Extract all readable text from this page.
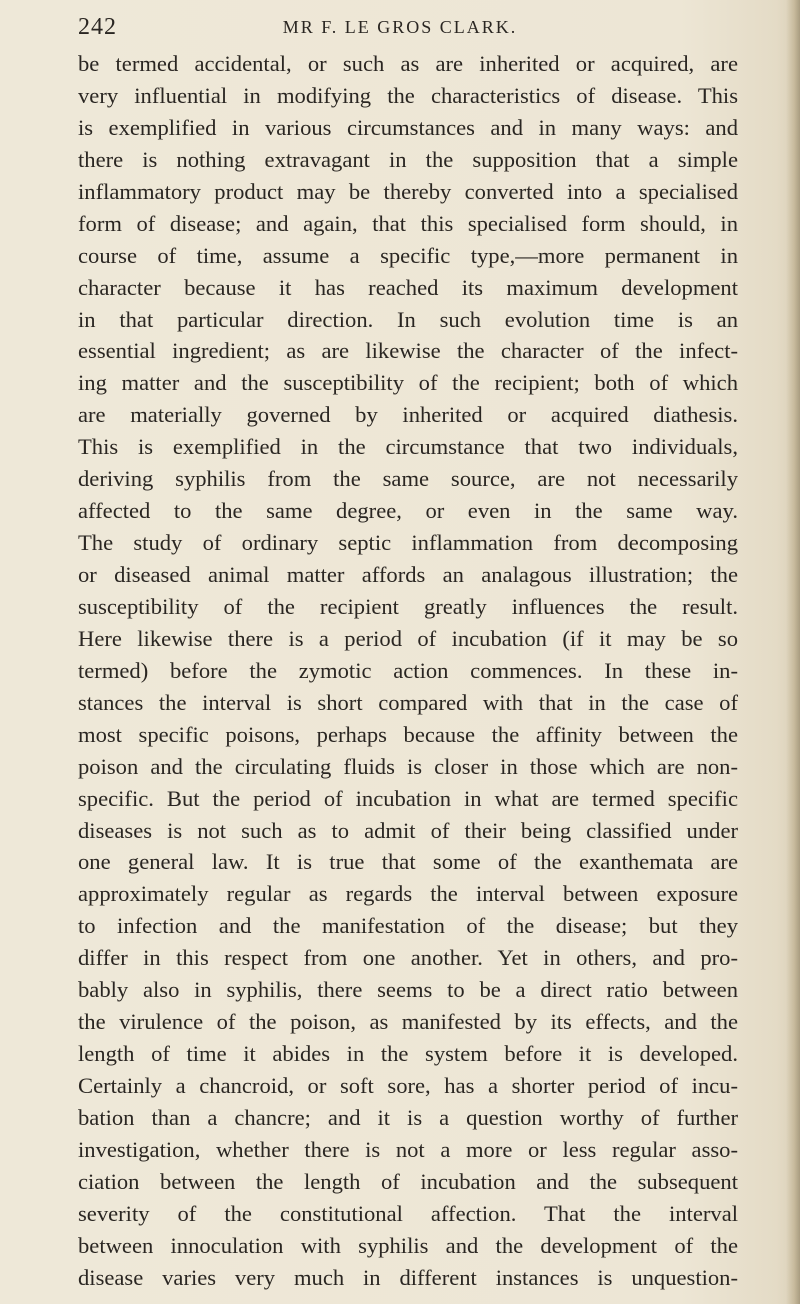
242	MR F. LE GROS CLARK.
be termed accidental, or such as are inherited or acquired, are
very influential in modifying the characteristics of disease. This
is exemplified in various circumstances and in many ways: and
there is nothing extravagant in the supposition that a simple
inflammatory product may be thereby converted into a specialised
form of disease; and again, that this specialised form should, in
course of time, assume a specific type,—more permanent in
character because it has reached its maximum development
in that particular direction. In such evolution time is an
essential ingredient; as are likewise the character of the infect-
ing matter and the susceptibility of the recipient; both of which
are materially governed by inherited or acquired diathesis.
This is exemplified in the circumstance that two individuals,
deriving syphilis from the same source, are not necessarily
affected to the same degree, or even in the same way.
The study of ordinary septic inflammation from decomposing
or diseased animal matter affords an analagous illustration; the
susceptibility of the recipient greatly influences the result.
Here likewise there is a period of incubation (if it may be so
termed) before the zymotic action commences. In these in-
stances the interval is short compared with that in the case of
most specific poisons, perhaps because the affinity between the
poison and the circulating fluids is closer in those which are non-
specific. But the period of incubation in what are termed specific
diseases is not such as to admit of their being classified under
one general law. It is true that some of the exanthemata are
approximately regular as regards the interval between exposure
to infection and the manifestation of the disease; but they
differ in this respect from one another. Yet in others, and pro-
bably also in syphilis, there seems to be a direct ratio between
the virulence of the poison, as manifested by its effects, and the
length of time it abides in the system before it is developed.
Certainly a chancroid, or soft sore, has a shorter period of incu-
bation than a chancre; and it is a question worthy of further
investigation, whether there is not a more or less regular asso-
ciation between the length of incubation and the subsequent
severity of the constitutional affection. That the interval
between innoculation with syphilis and the development of the
disease varies very much in different instances is unquestion-
